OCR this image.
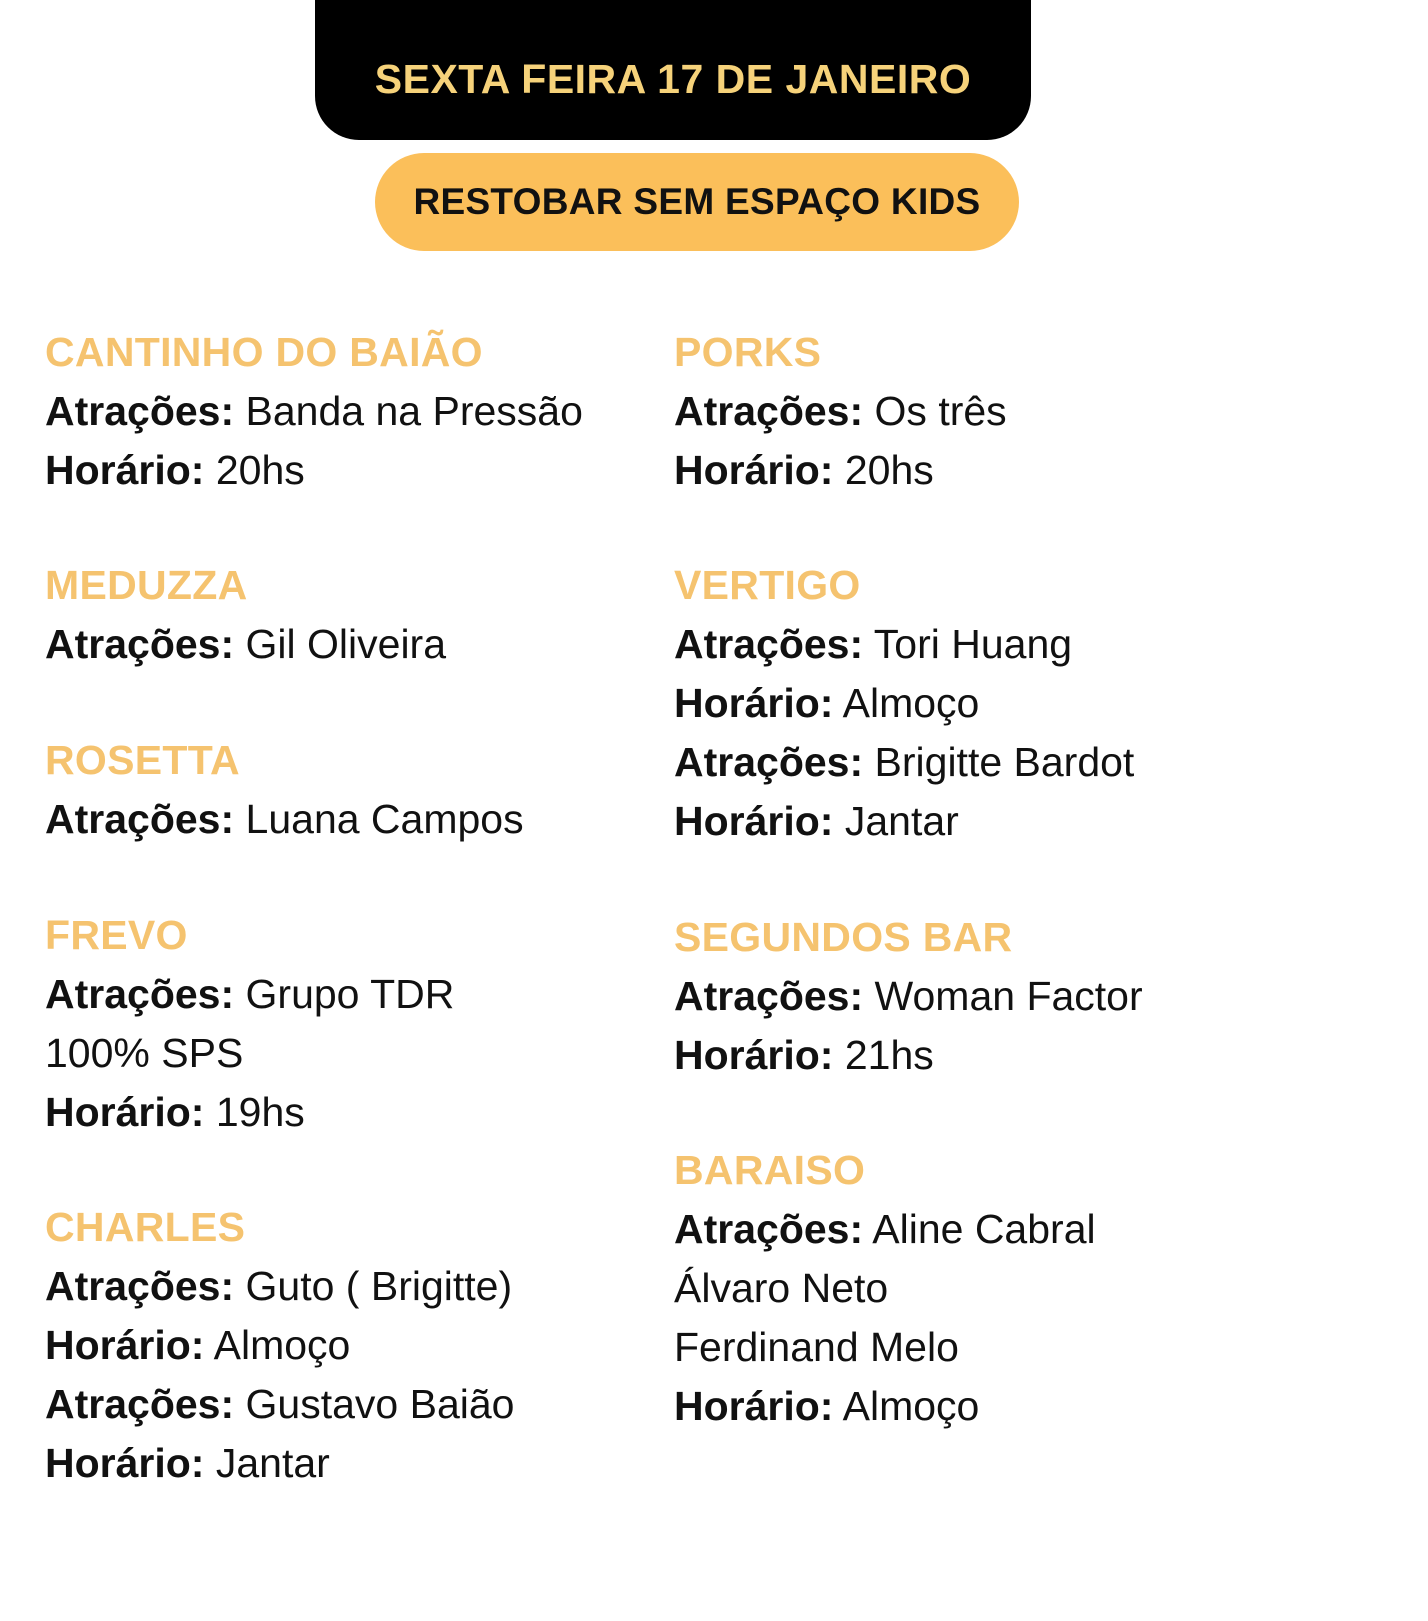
SEXTA FEIRA 17 DE JANEIRO
RESTOBAR SEM ESPAÇO KIDS
CANTINHO DO BAIÃO
Atrações: Banda na Pressão
Horário: 20hs
MEDUZZA
Atrações: Gil Oliveira
ROSETTA
Atrações: Luana Campos
FREVO
Atrações: Grupo TDR
100% SPS
Horário: 19hs
CHARLES
Atrações: Guto ( Brigitte)
Horário: Almoço
Atrações: Gustavo Baião
Horário: Jantar
PORKS
Atrações: Os três
Horário: 20hs
VERTIGO
Atrações: Tori Huang
Horário: Almoço
Atrações: Brigitte Bardot
Horário: Jantar
SEGUNDOS BAR
Atrações: Woman Factor
Horário: 21hs
BARAISO
Atrações: Aline Cabral
Álvaro Neto
Ferdinand Melo
Horário: Almoço
